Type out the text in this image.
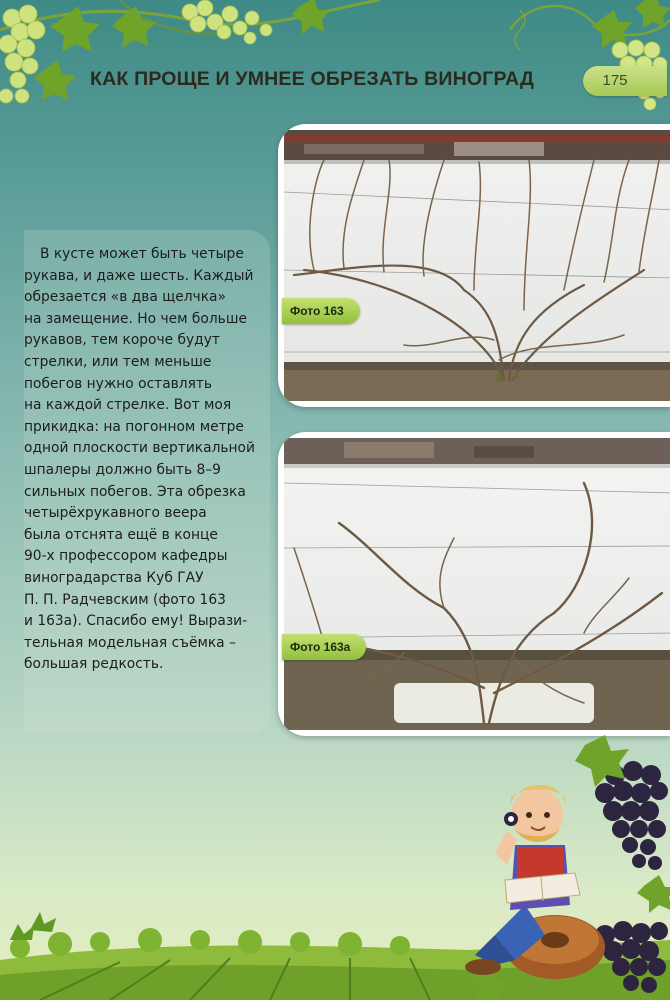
КАК ПРОЩЕ И УМНЕЕ ОБРЕЗАТЬ ВИНОГРАД	175

В кусте может быть четыре
рукава, и даже шесть. Каждый
обрезается «в два щелчка»
на замещение. Но чем больше
рукавов, тем короче будут
стрелки, или тем меньше
побегов нужно оставлять
на каждой стрелке. Вот моя
прикидка: на погонном метре
одной плоскости вертикальной
шпалеры должно быть 8–9
сильных побегов. Эта обрезка
четырёхрукавного веера
была отснята ещё в конце
90-х профессором кафедры
виноградарства Куб ГАУ
П. П. Радчевским (фото 163
и 163а). Спасибо ему! Вырази-
тельная модельная съёмка –
большая редкость.

Фото 163
Фото 163а
